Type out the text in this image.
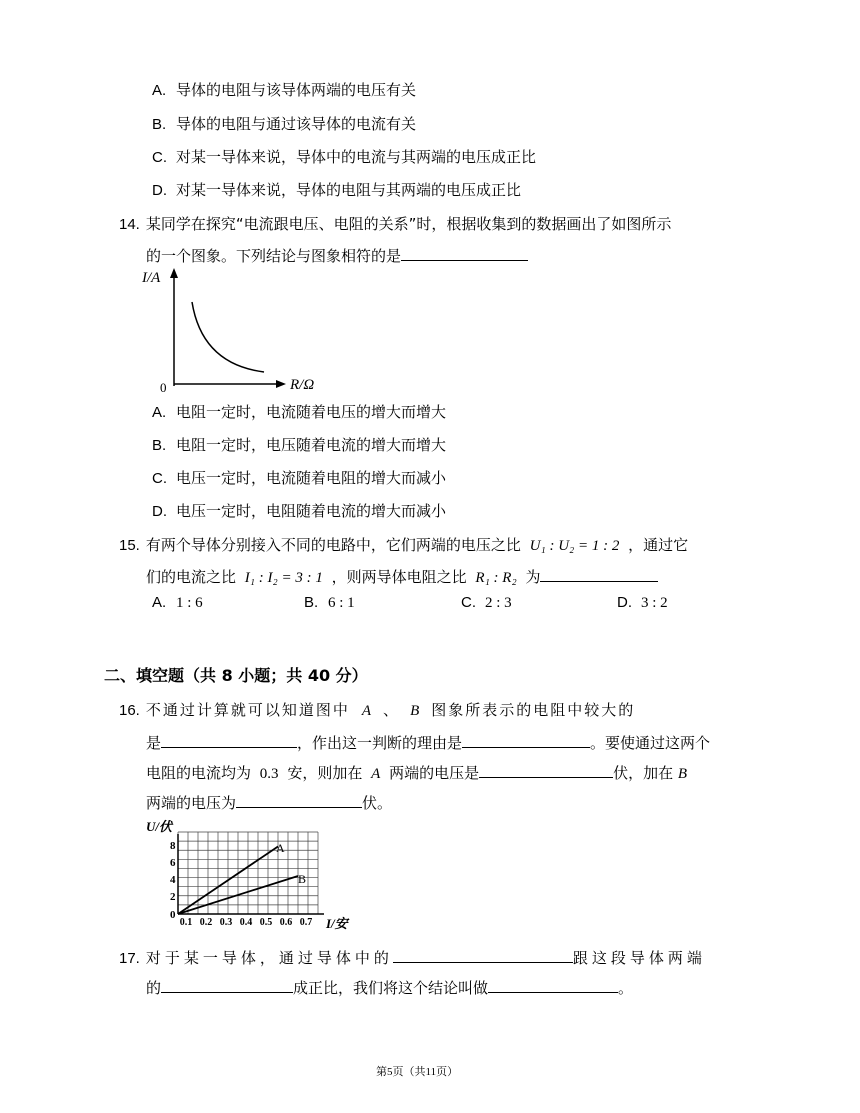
A. 导体的电阻与该导体两端的电压有关
B. 导体的电阻与通过该导体的电流有关
C. 对某一导体来说，导体中的电流与其两端的电压成正比
D. 对某一导体来说，导体的电阻与其两端的电压成正比
14. 某同学在探究“电流跟电压、电阻的关系”时，根据收集到的数据画出了如图所示
的一个图象。下列结论与图象相符的是
I/A
R/Ω
0
A. 电阻一定时，电流随着电压的增大而增大
B. 电阻一定时，电压随着电流的增大而增大
C. 电压一定时，电流随着电阻的增大而减小
D. 电压一定时，电阻随着电流的增大而减小
15. 有两个导体分别接入不同的电路中，它们两端的电压之比 U₁ : U₂ = 1 : 2 ，通过它
们的电流之比 I₁ : I₂ = 3 : 1 ，则两导体电阻之比 R₁ : R₂ 为
A. 1 : 6	B. 6 : 1	C. 2 : 3	D. 3 : 2
二、填空题（共 8 小题；共 40 分）
16. 不通过计算就可以知道图中 A 、 B 图象所表示的电阻中较大的
是	，作出这一判断的理由是	。要使通过这两个
电阻的电流均为 0.3 安，则加在 A 两端的电压是	伏，加在 B
两端的电压为	伏。
U/伏
I/安
8
6
4
2
0
0.1 0.2 0.3 0.4 0.5 0.6 0.7
A
B
17. 对于某一导体，通过导体中的	跟这段导体两端
的	成正比，我们将这个结论叫做	。
第5页（共11页）
